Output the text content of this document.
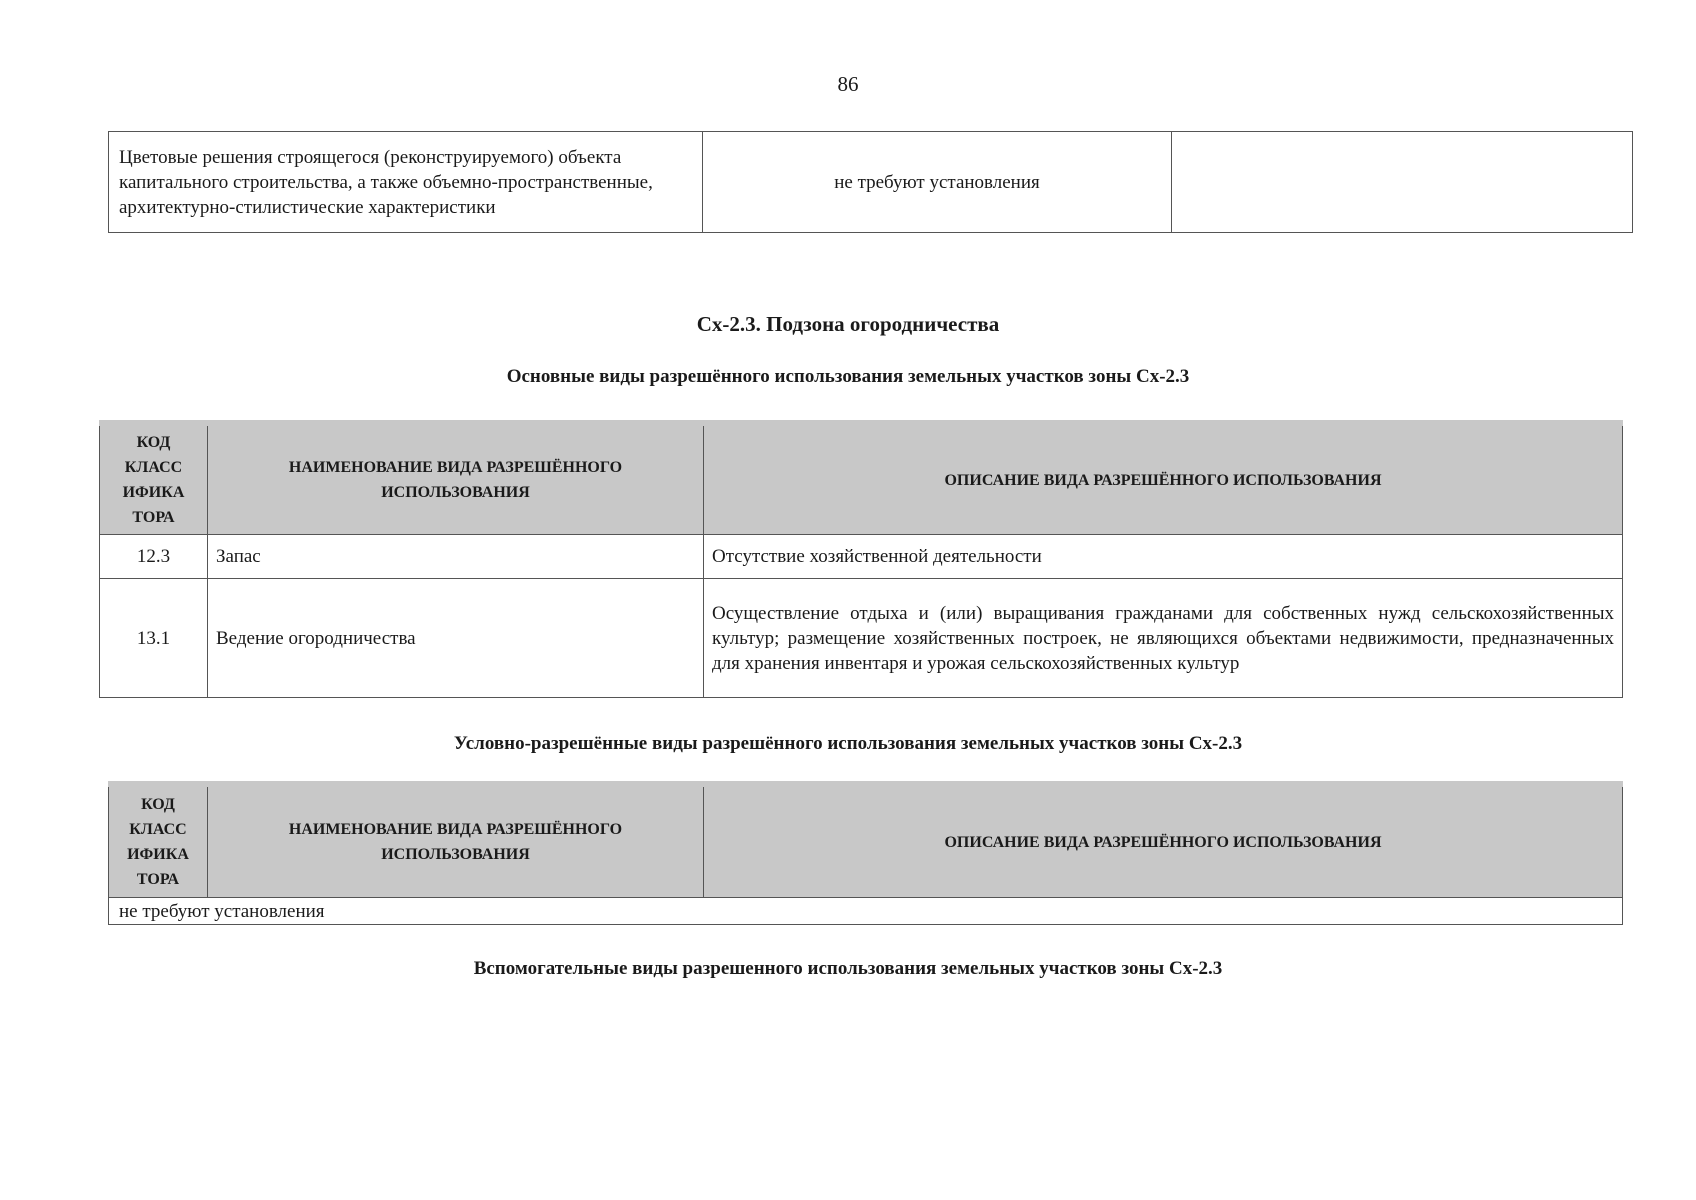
86
Цветовые решения строящегося (реконструируемого) объекта капитального строительства, а также объемно-пространственные, архитектурно-стилистические характеристики	не требуют установления	
Сх-2.3. Подзона огородничества
Основные виды разрешённого использования земельных участков зоны Сх-2.3
КОД КЛАСС ИФИКА ТОРА	НАИМЕНОВАНИЕ ВИДА РАЗРЕШЁННОГО ИСПОЛЬЗОВАНИЯ	ОПИСАНИЕ ВИДА РАЗРЕШЁННОГО ИСПОЛЬЗОВАНИЯ
12.3	Запас	Отсутствие хозяйственной деятельности
13.1	Ведение огородничества	Осуществление отдыха и (или) выращивания гражданами для собственных нужд сельскохозяйственных культур; размещение хозяйственных построек, не являющихся объектами недвижимости, предназначенных для хранения инвентаря и урожая сельскохозяйственных культур
Условно-разрешённые виды разрешённого использования земельных участков зоны Сх-2.3
КОД КЛАСС ИФИКА ТОРА	НАИМЕНОВАНИЕ ВИДА РАЗРЕШЁННОГО ИСПОЛЬЗОВАНИЯ	ОПИСАНИЕ ВИДА РАЗРЕШЁННОГО ИСПОЛЬЗОВАНИЯ
не требуют установления
Вспомогательные виды разрешенного использования земельных участков зоны Сх-2.3
